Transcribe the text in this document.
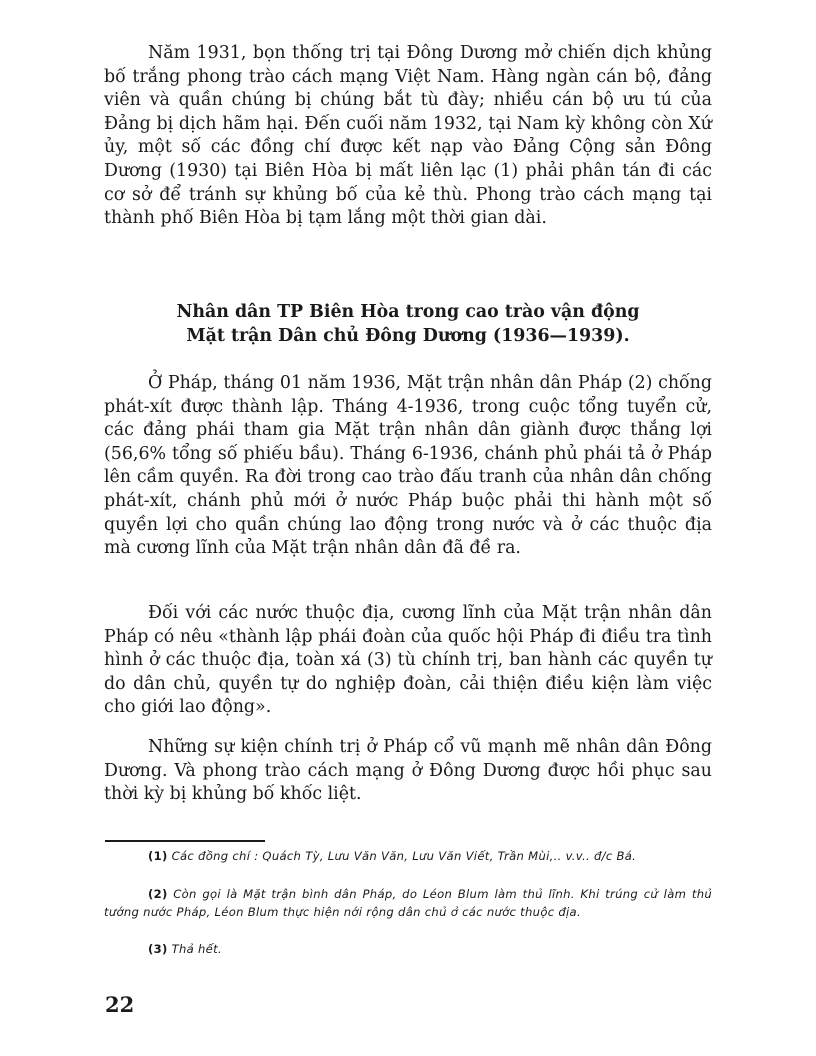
Năm 1931, bọn thống trị tại Đông Dương mở chiến dịch khủng bố trắng phong trào cách mạng Việt Nam. Hàng ngàn cán bộ, đảng viên và quần chúng bị chúng bắt tù đày; nhiều cán bộ ưu tú của Đảng bị dịch hãm hại. Đến cuối năm 1932, tại Nam kỳ không còn Xứ ủy, một số các đồng chí được kết nạp vào Đảng Cộng sản Đông Dương (1930) tại Biên Hòa bị mất liên lạc (1) phải phân tán đi các cơ sở để tránh sự khủng bố của kẻ thù. Phong trào cách mạng tại thành phố Biên Hòa bị tạm lắng một thời gian dài.

Nhân dân TP Biên Hòa trong cao trào vận động
Mặt trận Dân chủ Đông Dương (1936—1939).

Ở Pháp, tháng 01 năm 1936, Mặt trận nhân dân Pháp (2) chống phát-xít được thành lập. Tháng 4-1936, trong cuộc tổng tuyển cử, các đảng phái tham gia Mặt trận nhân dân giành được thắng lợi (56,6% tổng số phiếu bầu). Tháng 6-1936, chánh phủ phái tả ở Pháp lên cầm quyền. Ra đời trong cao trào đấu tranh của nhân dân chống phát-xít, chánh phủ mới ở nước Pháp buộc phải thi hành một số quyền lợi cho quần chúng lao động trong nước và ở các thuộc địa mà cương lĩnh của Mặt trận nhân dân đã đề ra.

Đối với các nước thuộc địa, cương lĩnh của Mặt trận nhân dân Pháp có nêu «thành lập phái đoàn của quốc hội Pháp đi điều tra tình hình ở các thuộc địa, toàn xá (3) tù chính trị, ban hành các quyền tự do dân chủ, quyền tự do nghiệp đoàn, cải thiện điều kiện làm việc cho giới lao động».

Những sự kiện chính trị ở Pháp cổ vũ mạnh mẽ nhân dân Đông Dương. Và phong trào cách mạng ở Đông Dương được hồi phục sau thời kỳ bị khủng bố khốc liệt.

(1) Các đồng chí : Quách Tỳ, Lưu Văn Văn, Lưu Văn Viết, Trần Mùi,.. v.v.. đ/c Bá.

(2) Còn gọi là Mặt trận bình dân Pháp, do Léon Blum làm thủ lĩnh. Khi trúng cử làm thủ tướng nước Pháp, Léon Blum thực hiện nới rộng dân chủ ở các nước thuộc địa.

(3) Thả hết.

22
